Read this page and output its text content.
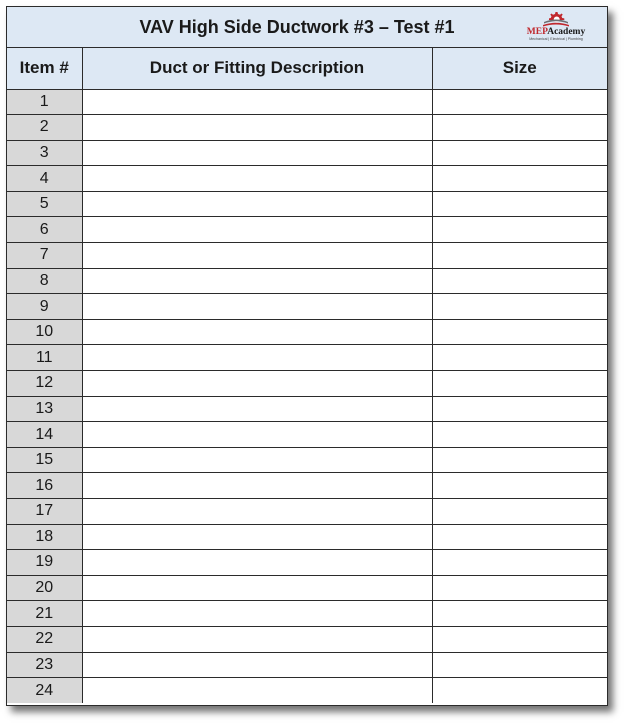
VAV High Side Ductwork #3 – Test #1	MEPAcademy
Mechanical | Electrical | Plumbing
Item #	Duct or Fitting Description	Size
1		
2		
3		
4		
5		
6		
7		
8		
9		
10		
11		
12		
13		
14		
15		
16		
17		
18		
19		
20		
21		
22		
23		
24		
